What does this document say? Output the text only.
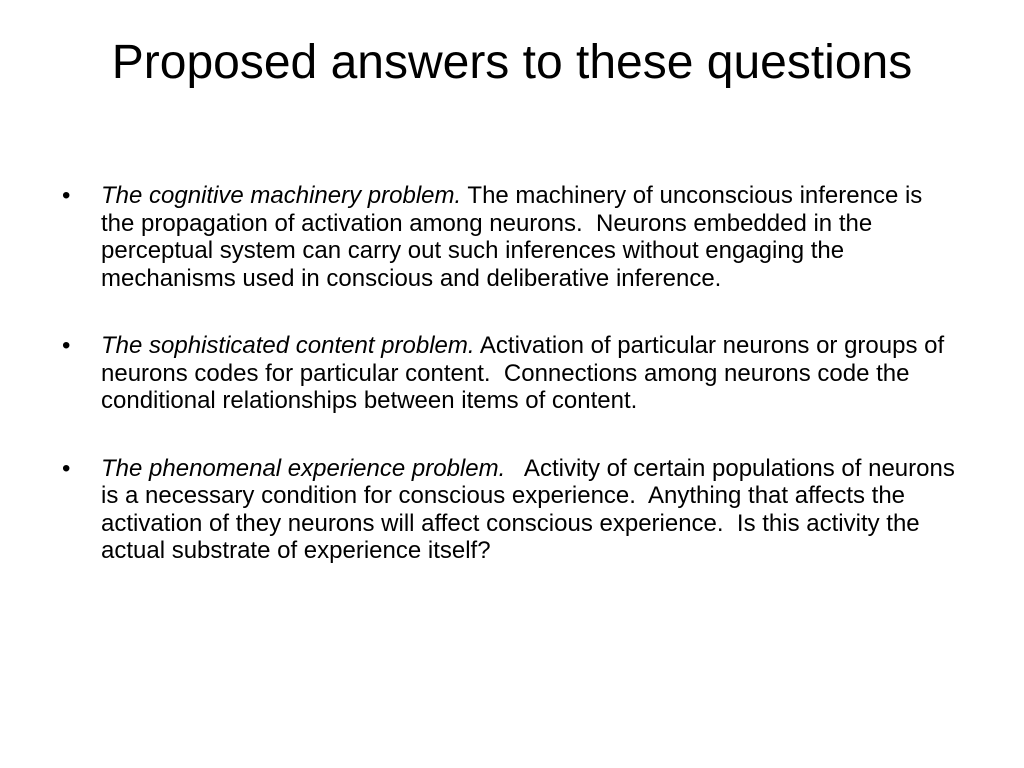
Proposed answers to these questions
• The cognitive machinery problem. The machinery of unconscious inference is the propagation of activation among neurons.  Neurons embedded in the perceptual system can carry out such inferences without engaging the mechanisms used in conscious and deliberative inference.
• The sophisticated content problem. Activation of particular neurons or groups of neurons codes for particular content.  Connections among neurons code the conditional relationships between items of content.
• The phenomenal experience problem.   Activity of certain populations of neurons is a necessary condition for conscious experience.  Anything that affects the activation of they neurons will affect conscious experience.  Is this activity the actual substrate of experience itself?
